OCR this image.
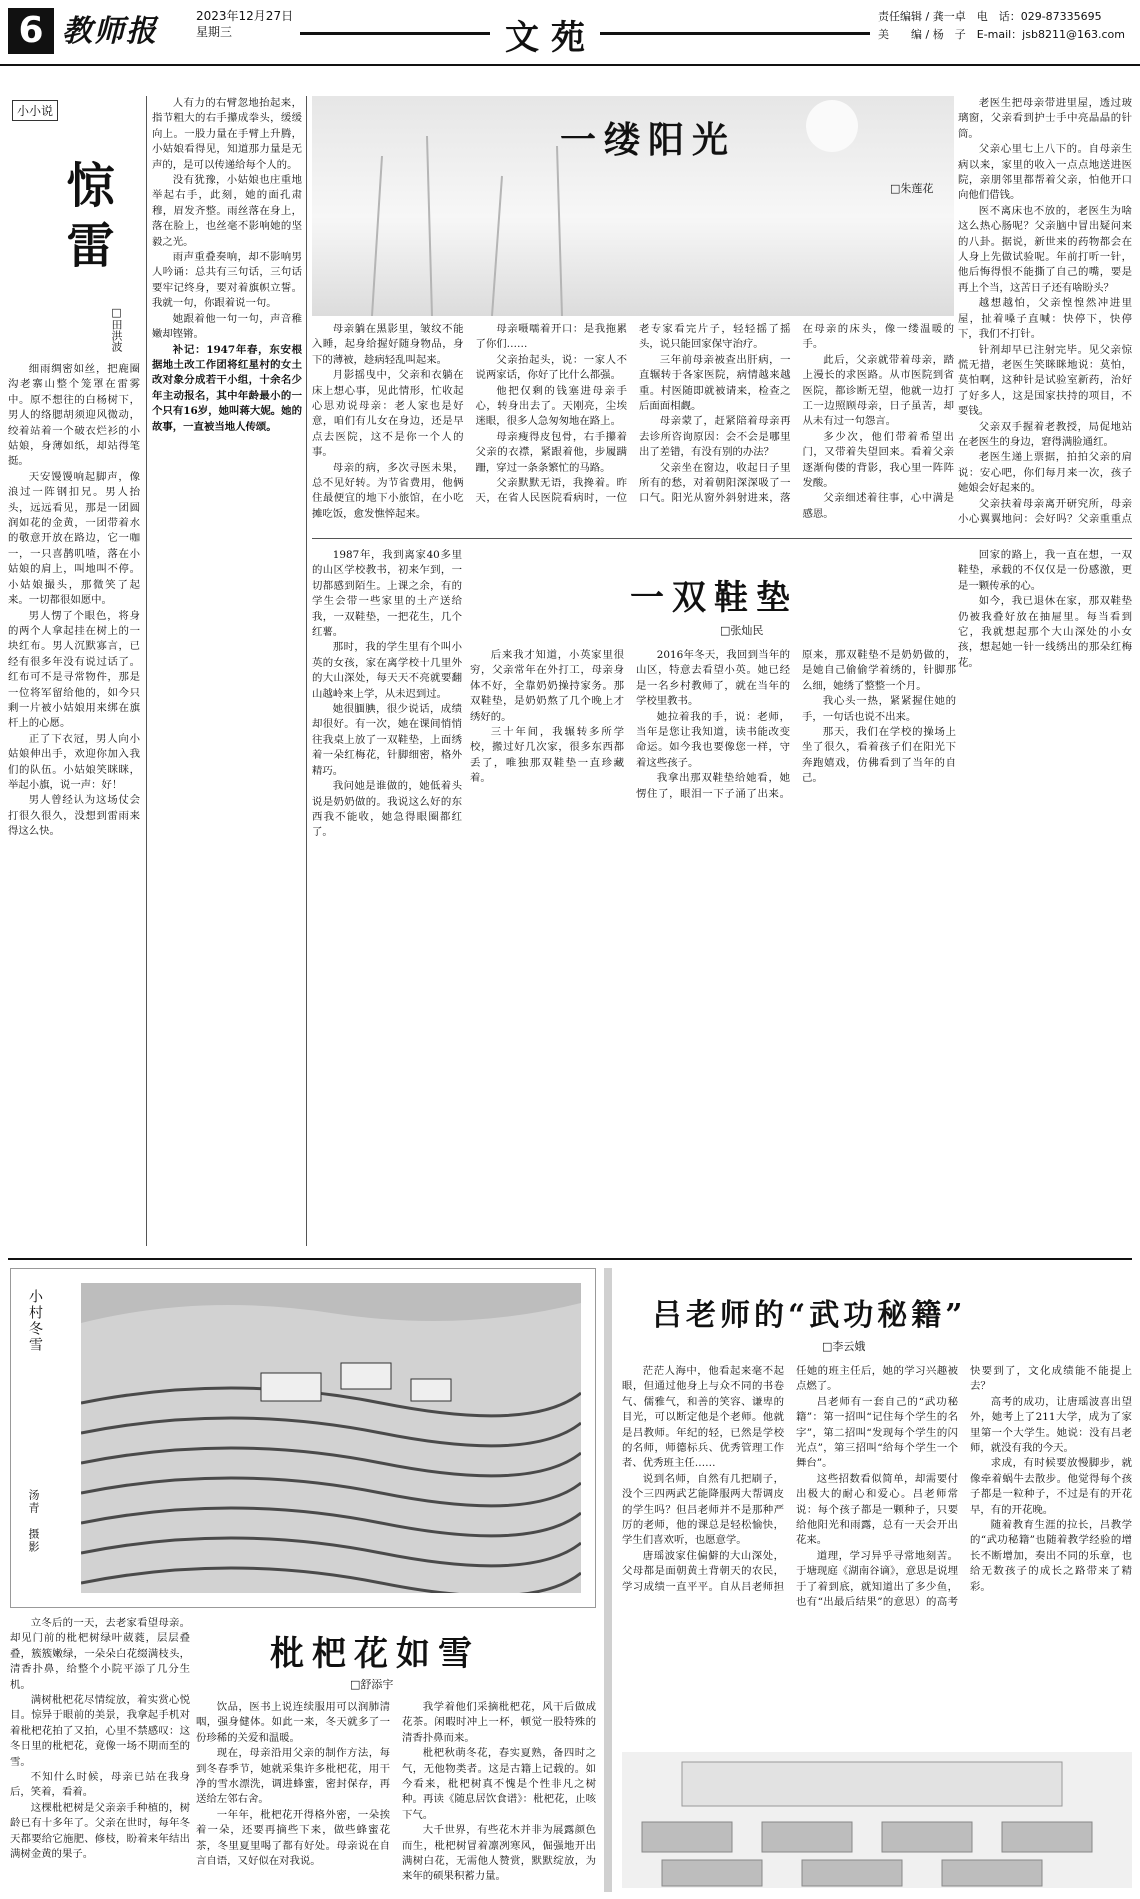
6 教师报	2023年12月27日
星期三	文苑
责任编辑 / 龚一卓　电　话：029-87335695
美　　编 / 杨　子　E-mail：jsb8211@163.com
小小说
惊雷
□田洪波

细雨绸密如丝，把鹿圈沟老寨山整个笼罩在雷雾中。原不想往的白杨树下，男人的络腮胡须迎风微动，绞着站着一个破衣烂衫的小姑娘，身薄如纸，却站得笔挺。

天安馒馒响起脚声，像浪过一阵钢扣兄。男人抬头，远远看见，那是一团圆润如花的金黄，一团带着水的敬意开放在路边，它一咖一，一只喜鹊叽喳，落在小姑娘的肩上，叫地叫不停。小姑娘撮头，那微笑了起来。一切都很如愿中。

男人愣了个眼色，将身的两个人拿起挂在树上的一块红布。男人沉默寡言，已经有很多年没有说过话了。红布可不是寻常物件，那是一位将军留给他的，如今只剩一片被小姑娘用来绑在旗杆上的心愿。

正了下衣冠，男人向小姑娘伸出手，欢迎你加入我们的队伍。小姑娘笑眯眯，举起小旗，说一声：好！

男人曾经认为这场仗会打很久很久，没想到雷雨来得这么快。

人有力的右臂忽地抬起来，指节粗大的右手攥成拳头，缓缓向上。一股力量在手臂上升腾，小姑娘看得见，知道那力量是无声的，是可以传递给每个人的。

没有犹豫，小姑娘也庄重地举起右手，此刻，她的面孔肃穆，眉发齐整。雨丝落在身上，落在脸上，也丝毫不影响她的坚毅之光。

雨声重叠奏响，却不影响男人吟诵：总共有三句话，三句话要牢记终身，要对着旗帜立誓。我就一句，你跟着说一句。

她跟着他一句一句，声音稚嫩却铿锵。

补记：1947年春，东安根据地土改工作团将红星村的女土改对象分成若干小组，十余名少年主动报名，其中年龄最小的一个只有16岁，她叫蒋大妮。她的故事，一直被当地人传颂。

一缕阳光
□朱莲花

母亲躺在黑影里，皱纹不能入睡，起身给握好随身物品，身下的薄被，趁病轻乱叫起来。

月影摇曳中，父亲和衣躺在床上想心事，见此情形，忙收起心思劝说母亲：老人家也是好意，咱们有儿女在身边，还是早点去医院，这不是你一个人的事。

母亲的病，多次寻医未果，总不见好转。为节省费用，他俩住最便宜的地下小旅馆，在小吃摊吃饭，愈发憔悴起来。

母亲嗫嚅着开口：是我拖累了你们……

父亲抬起头，说：一家人不说两家话，你好了比什么都强。

他把仅剩的钱塞进母亲手心，转身出去了。天刚亮，尘埃迷眼，很多人急匆匆地在路上。

母亲瘦得皮包骨，右手攥着父亲的衣襟，紧跟着他，步履蹒跚，穿过一条条繁忙的马路。

父亲默默无语，我搀着。昨天，在省人民医院看病时，一位老专家看完片子，轻轻摇了摇头，说只能回家保守治疗。

三年前母亲被查出肝病，一直辗转于各家医院，病情越来越重。村医随即就被请来，检查之后面面相觑。

母亲蒙了，赶紧陪着母亲再去诊所咨询原因：会不会是哪里出了差错，有没有别的办法？

父亲坐在窗边，收起日子里所有的愁，对着朝阳深深吸了一口气。阳光从窗外斜射进来，落在母亲的床头，像一缕温暖的手。

此后，父亲就带着母亲，踏上漫长的求医路。从市医院到省医院，都诊断无望，他就一边打工一边照顾母亲，日子虽苦，却从未有过一句怨言。

多少次，他们带着希望出门，又带着失望回来。看着父亲逐渐佝偻的背影，我心里一阵阵发酸。

父亲细述着往事，心中满是感恩。

老医生把母亲带进里屋，透过玻璃窗，父亲看到护士手中亮晶晶的针筒。

父亲心里七上八下的。自母亲生病以来，家里的收入一点点地送进医院，亲朋邻里都帮着父亲，怕他开口向他们借钱。

医不离床也不放的，老医生为啥这么热心肠呢？父亲脑中冒出疑问来的八卦。据说，新世来的药物都会在人身上先做试验呢。年前打听一针，他后悔得恨不能撕了自己的嘴，要是再上个当，这苦日子还有啥盼头？

越想越怕，父亲惶惶然冲进里屋，扯着嗓子直喊：快停下，快停下，我们不打针。

针剂却早已注射完毕。见父亲惊慌无措，老医生笑眯眯地说：莫怕，莫怕啊，这种针是试验室新药，治好了好多人，这是国家扶持的项目，不要钱。

父亲双手握着老教授，局促地站在老医生的身边，窘得满脸通红。

老医生递上票据，拍拍父亲的肩说：安心吧，你们每月来一次，孩子她娘会好起来的。

父亲扶着母亲离开研究所，母亲小心翼翼地问：会好吗？父亲重重点

1987年，我到离家40多里的山区学校教书，初来乍到，一切都感到陌生。上课之余，有的学生会带一些家里的土产送给我，一双鞋垫，一把花生，几个红薯。

那时，我的学生里有个叫小英的女孩，家在离学校十几里外的大山深处，每天天不亮就要翻山越岭来上学，从未迟到过。

她很腼腆，很少说话，成绩却很好。有一次，她在课间悄悄往我桌上放了一双鞋垫，上面绣着一朵红梅花，针脚细密，格外精巧。

我问她是谁做的，她低着头说是奶奶做的。我说这么好的东西我不能收，她急得眼圈都红了。

一双鞋垫
□张灿民

后来我才知道，小英家里很穷，父亲常年在外打工，母亲身体不好，全靠奶奶操持家务。那双鞋垫，是奶奶熬了几个晚上才绣好的。

三十年间，我辗转多所学校，搬过好几次家，很多东西都丢了，唯独那双鞋垫一直珍藏着。

2016年冬天，我回到当年的山区，特意去看望小英。她已经是一名乡村教师了，就在当年的学校里教书。

她拉着我的手，说：老师，当年是您让我知道，读书能改变命运。如今我也要像您一样，守着这些孩子。

我拿出那双鞋垫给她看，她愣住了，眼泪一下子涌了出来。原来，那双鞋垫不是奶奶做的，是她自己偷偷学着绣的，针脚那么细，她绣了整整一个月。

我心头一热，紧紧握住她的手，一句话也说不出来。

那天，我们在学校的操场上坐了很久，看着孩子们在阳光下奔跑嬉戏，仿佛看到了当年的自己。

回家的路上，我一直在想，一双鞋垫，承载的不仅仅是一份感激，更是一颗传承的心。

如今，我已退休在家，那双鞋垫仍被我叠好放在抽屉里。每当看到它，我就想起那个大山深处的小女孩，想起她一针一线绣出的那朵红梅花。

小村冬雪
汤青　摄影

立冬后的一天，去老家看望母亲。却见门前的枇杷树绿叶葳蕤，层层叠叠，簇簇嫩绿，一朵朵白花缀满枝头，清香扑鼻，给整个小院平添了几分生机。

满树枇杷花尽情绽放，着实赏心悦目。惊异于眼前的美景，我拿起手机对着枇杷花拍了又拍，心里不禁感叹：这冬日里的枇杷花，竟像一场不期而至的雪。

不知什么时候，母亲已站在我身后，笑着，看着。

这棵枇杷树是父亲亲手种植的，树龄已有十多年了。父亲在世时，每年冬天都要给它施肥、修枝，盼着来年结出满树金黄的果子。

枇杷花如雪
□舒添宇

饮品，医书上说连续服用可以润肺清咽，强身健体。如此一来，冬天就多了一份珍稀的关爱和温暖。

现在，母亲沿用父亲的制作方法，每到冬春季节，她就采集许多枇杷花，用干净的雪水漂洗，调进蜂蜜，密封保存，再送给左邻右舍。

一年年，枇杷花开得格外密，一朵挨着一朵，还要再摘些下来，做些蜂蜜花茶，冬里夏里喝了都有好处。母亲说在自言自语，又好似在对我说。

我学着他们采摘枇杷花，风干后做成花茶。闲暇时冲上一杯，顿觉一股特殊的清香扑鼻而来。

枇杷秋萌冬花，春实夏熟，备四时之气，无他物类者。这是古籍上记载的。如今看来，枇杷树真不愧是个性非凡之树种。再读《随息居饮食谱》：枇杷花，止咳下气。

大千世界，有些花木并非为展露颜色而生，枇杷树冒着凛冽寒风，倔强地开出满树白花，无需他人赞赏，默默绽放，为来年的硕果积蓄力量。

吕老师的“武功秘籍”
□李云娥

茫茫人海中，他看起来毫不起眼，但通过他身上与众不同的书卷气、儒雅气，和善的笑容、谦卑的目光，可以断定他是个老师。他就是吕教师。年纪的轻，已然是学校的名师，师德标兵、优秀管理工作者、优秀班主任……

说到名师，自然有几把刷子，没个三四两武艺能降服两大帮调皮的学生吗？但吕老师并不是那种严厉的老师，他的课总是轻松愉快，学生们喜欢听，也愿意学。

唐瑶波家住偏僻的大山深处，父母都是面朝黄土背朝天的农民，学习成绩一直平平。自从吕老师担任她的班主任后，她的学习兴趣被点燃了。

吕老师有一套自己的“武功秘籍”：第一招叫“记住每个学生的名字”，第二招叫“发现每个学生的闪光点”，第三招叫“给每个学生一个舞台”。

这些招数看似简单，却需要付出极大的耐心和爱心。吕老师常说：每个孩子都是一颗种子，只要给他阳光和雨露，总有一天会开出花来。

道理，学习异乎寻常地刻苦。于塘现庭《湖南谷谪》，意思是说埋于了着到底，就知道出了多少鱼，也有“出最后结果”的意思）的高考快要到了，文化成绩能不能提上去？

高考的成功，让唐瑶波喜出望外，她考上了211大学，成为了家里第一个大学生。她说：没有吕老师，就没有我的今天。

求成，有时候要放慢脚步，就像牵着蜗牛去散步。他觉得每个孩子都是一粒种子，不过是有的开花早，有的开花晚。

随着教育生涯的拉长，吕教学的“武功秘籍”也随着教学经验的增长不断增加，奏出不同的乐章，也给无数孩子的成长之路带来了精彩。
